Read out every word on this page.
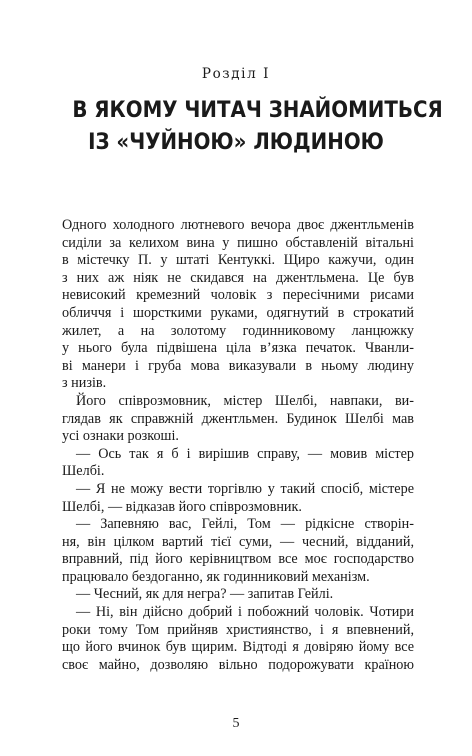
Розділ I
В ЯКОМУ ЧИТАЧ ЗНАЙОМИТЬСЯ
ІЗ «ЧУЙНОЮ» ЛЮДИНОЮ

Одного холодного лютневого вечора двоє джентльменів
сиділи за келихом вина у пишно обставленій вітальні
в містечку П. у штаті Кентуккі. Щиро кажучи, один
з них аж ніяк не скидався на джентльмена. Це був
невисокий кремезний чоловік з пересічними рисами
обличчя і шорсткими руками, одягнутий в строкатий
жилет, а на золотому годинниковому ланцюжку
у нього була підвішена ціла в’язка печаток. Чванли-
ві манери і груба мова виказували в ньому людину
з низів.

Його співрозмовник, містер Шелбі, навпаки, ви-
глядав як справжній джентльмен. Будинок Шелбі мав
усі ознаки розкоші.

— Ось так я б і вирішив справу, — мовив містер
Шелбі.

— Я не можу вести торгівлю у такий спосіб, містере
Шелбі, — відказав його співрозмовник.

— Запевняю вас, Гейлі, Том — рідкісне створін-
ня, він цілком вартий тієї суми, — чесний, відданий,
вправний, під його керівництвом все моє господарство
працювало бездоганно, як годинниковий механізм.

— Чесний, як для негра? — запитав Гейлі.

— Ні, він дійсно добрий і побожний чоловік. Чотири
роки тому Том прийняв християнство, і я впевнений,
що його вчинок був щирим. Відтоді я довіряю йому все
своє майно, дозволяю вільно подорожувати країною

5
